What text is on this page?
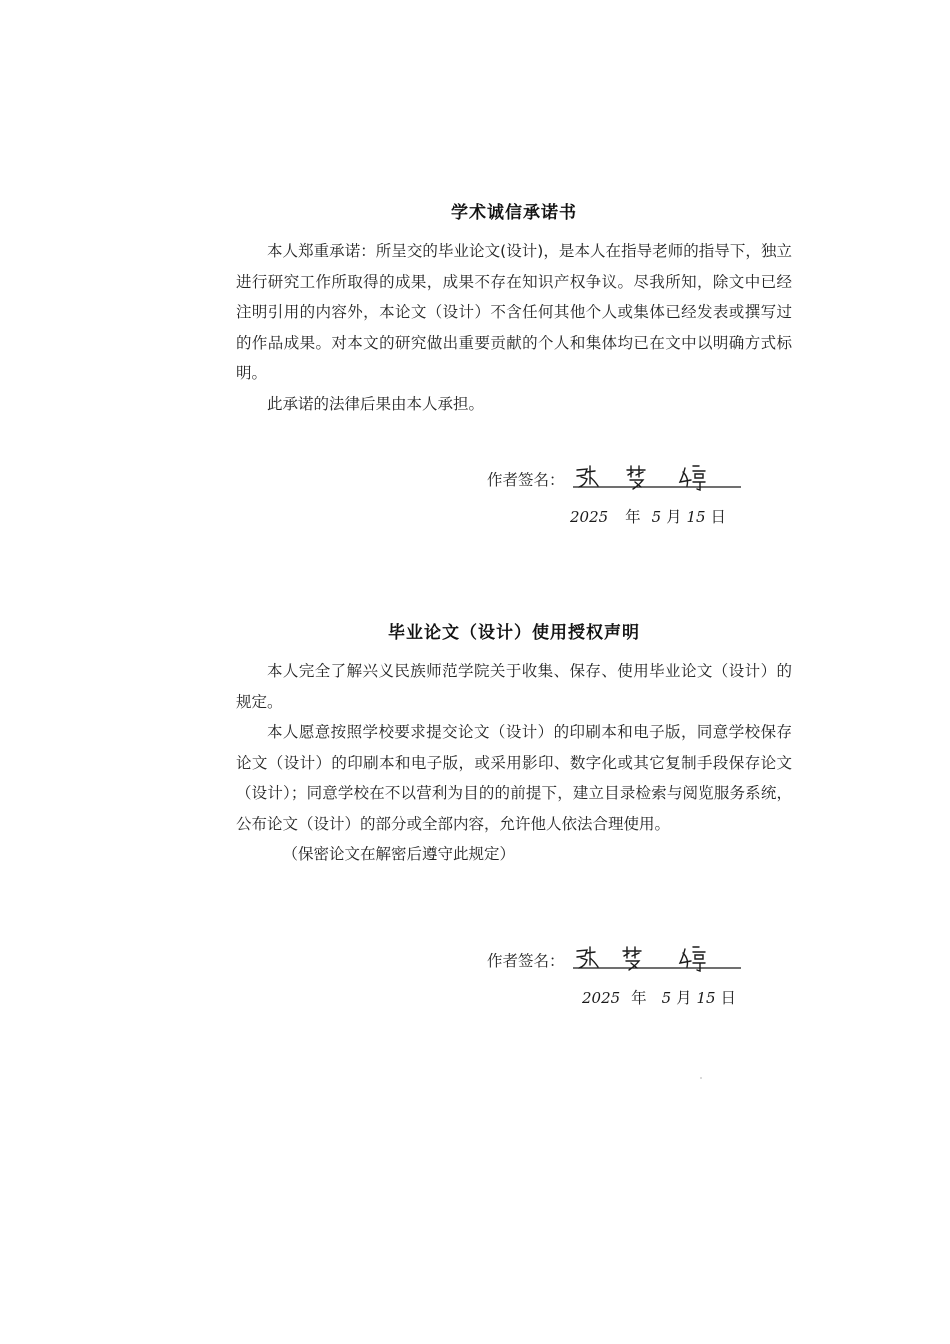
学术诚信承诺书

本人郑重承诺：所呈交的毕业论文(设计)，是本人在指导老师的指导下，独立进行研究工作所取得的成果，成果不存在知识产权争议。尽我所知，除文中已经注明引用的内容外，本论文（设计）不含任何其他个人或集体已经发表或撰写过的作品成果。对本文的研究做出重要贡献的个人和集体均已在文中以明确方式标明。

此承诺的法律后果由本人承担。

作者签名：
2025 年 5 月 15 日
毕业论文（设计）使用授权声明

本人完全了解兴义民族师范学院关于收集、保存、使用毕业论文（设计）的规定。

本人愿意按照学校要求提交论文（设计）的印刷本和电子版，同意学校保存论文（设计）的印刷本和电子版，或采用影印、数字化或其它复制手段保存论文（设计）；同意学校在不以营利为目的的前提下，建立目录检索与阅览服务系统，公布论文（设计）的部分或全部内容，允许他人依法合理使用。

（保密论文在解密后遵守此规定）

作者签名：
2025 年 5 月 15 日
